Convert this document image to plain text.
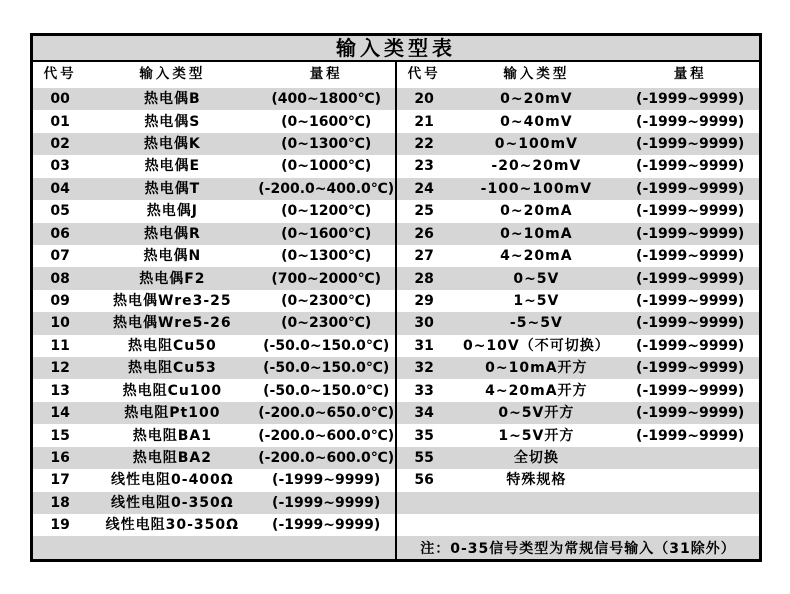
输入类型表
代号	输入类型	量程
00	热电偶B	(400~1800℃)
01	热电偶S	(0~1600℃)
02	热电偶K	(0~1300℃)
03	热电偶E	(0~1000℃)
04	热电偶T	(-200.0~400.0℃)
05	热电偶J	(0~1200℃)
06	热电偶R	(0~1600℃)
07	热电偶N	(0~1300℃)
08	热电偶F2	(700~2000℃)
09	热电偶Wre3-25	(0~2300℃)
10	热电偶Wre5-26	(0~2300℃)
11	热电阻Cu50	(-50.0~150.0℃)
12	热电阻Cu53	(-50.0~150.0℃)
13	热电阻Cu100	(-50.0~150.0℃)
14	热电阻Pt100	(-200.0~650.0℃)
15	热电阻BA1	(-200.0~600.0℃)
16	热电阻BA2	(-200.0~600.0℃)
17	线性电阻0-400Ω	(-1999~9999)
18	线性电阻0-350Ω	(-1999~9999)
19	线性电阻30-350Ω	(-1999~9999)
代号	输入类型	量程
20	0~20mV	(-1999~9999)
21	0~40mV	(-1999~9999)
22	0~100mV	(-1999~9999)
23	-20~20mV	(-1999~9999)
24	-100~100mV	(-1999~9999)
25	0~20mA	(-1999~9999)
26	0~10mA	(-1999~9999)
27	4~20mA	(-1999~9999)
28	0~5V	(-1999~9999)
29	1~5V	(-1999~9999)
30	-5~5V	(-1999~9999)
31	0~10V（不可切换）	(-1999~9999)
32	0~10mA开方	(-1999~9999)
33	4~20mA开方	(-1999~9999)
34	0~5V开方	(-1999~9999)
35	1~5V开方	(-1999~9999)
55	全切换
56	特殊规格
注：0-35信号类型为常规信号输入（31除外）
